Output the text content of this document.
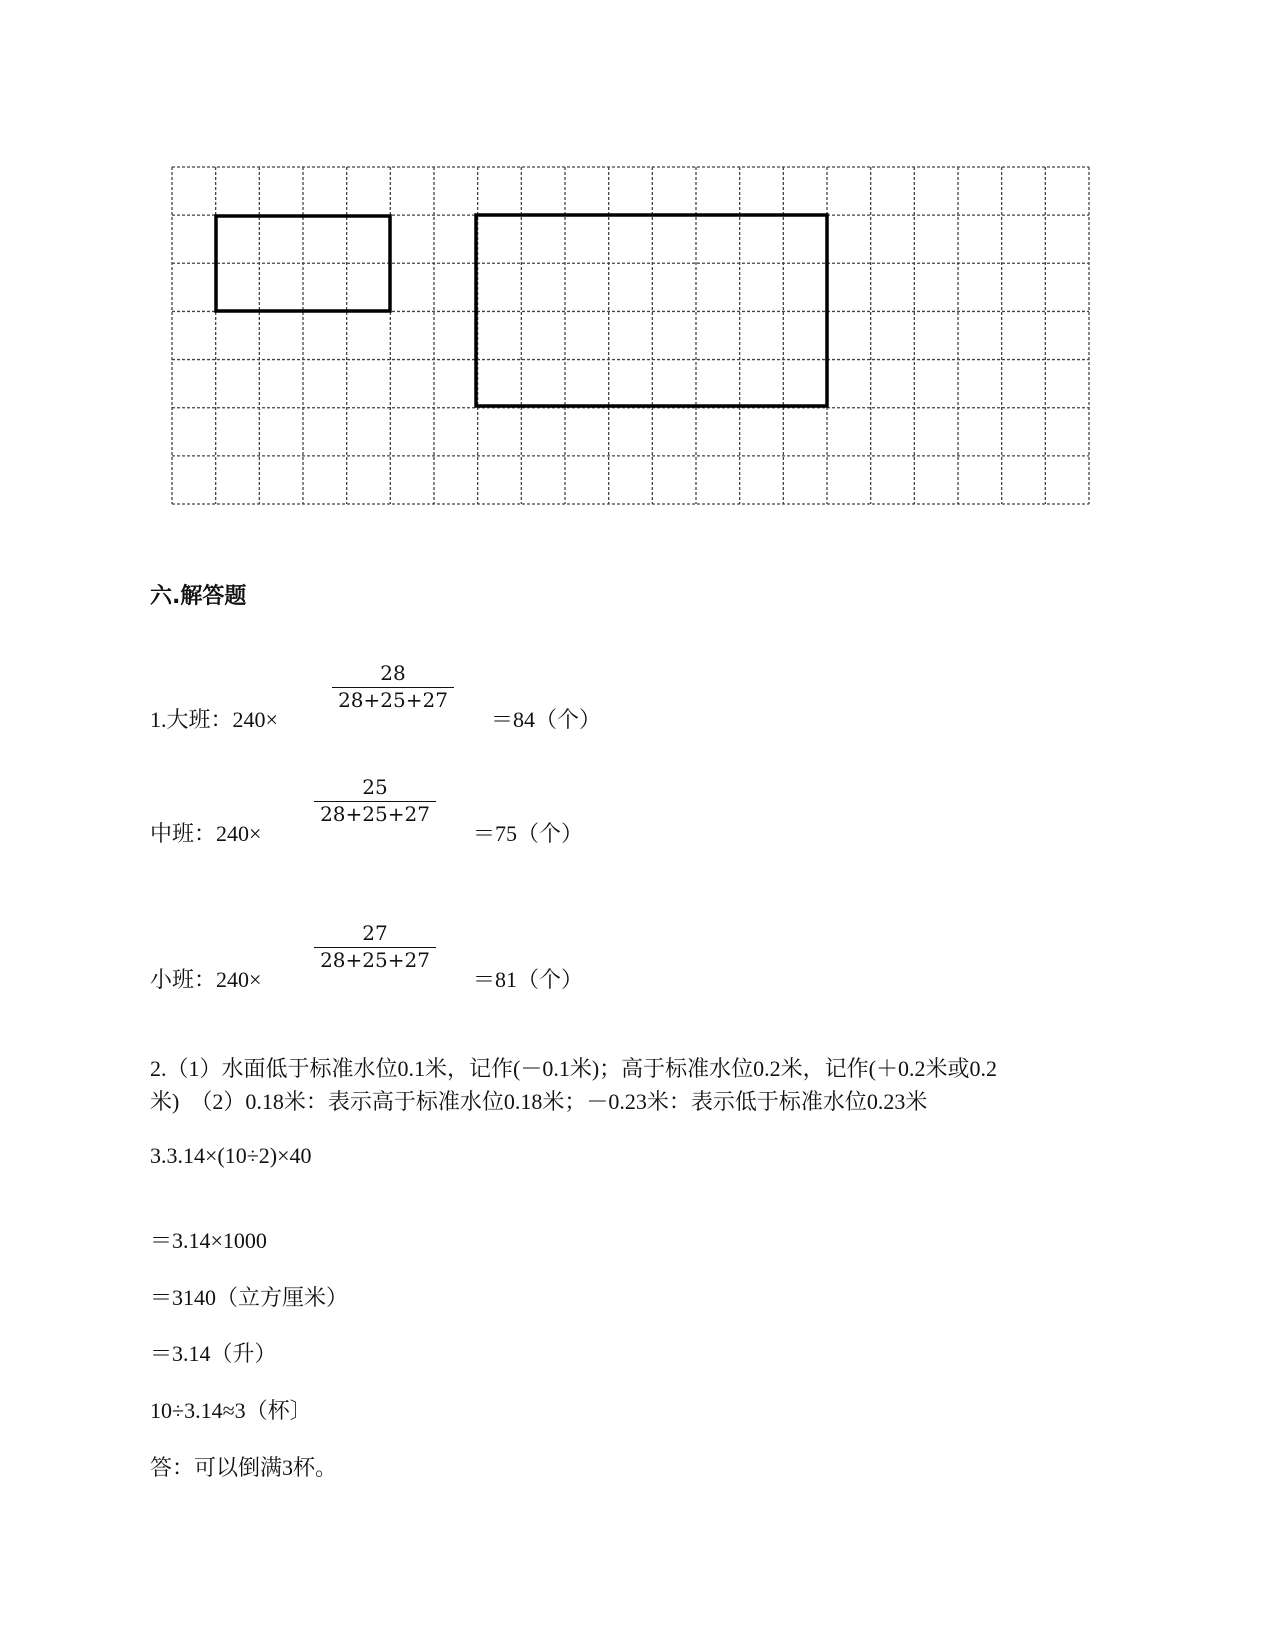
六.解答题
1.大班：240×
28
28+25+27
＝84（个）
中班：240×
25
28+25+27
＝75（个）
小班：240×
27
28+25+27
＝81（个）
2.（1）水面低于标准水位0.1米，记作(－0.1米)；高于标准水位0.2米，记作(＋0.2米或0.2
米)　（2）0.18米：表示高于标准水位0.18米；－0.23米：表示低于标准水位0.23米
3.3.14×(10÷2)×40
＝3.14×1000
＝3140（立方厘米）
＝3.14（升）
10÷3.14≈3（杯〕
答：可以倒满3杯。
